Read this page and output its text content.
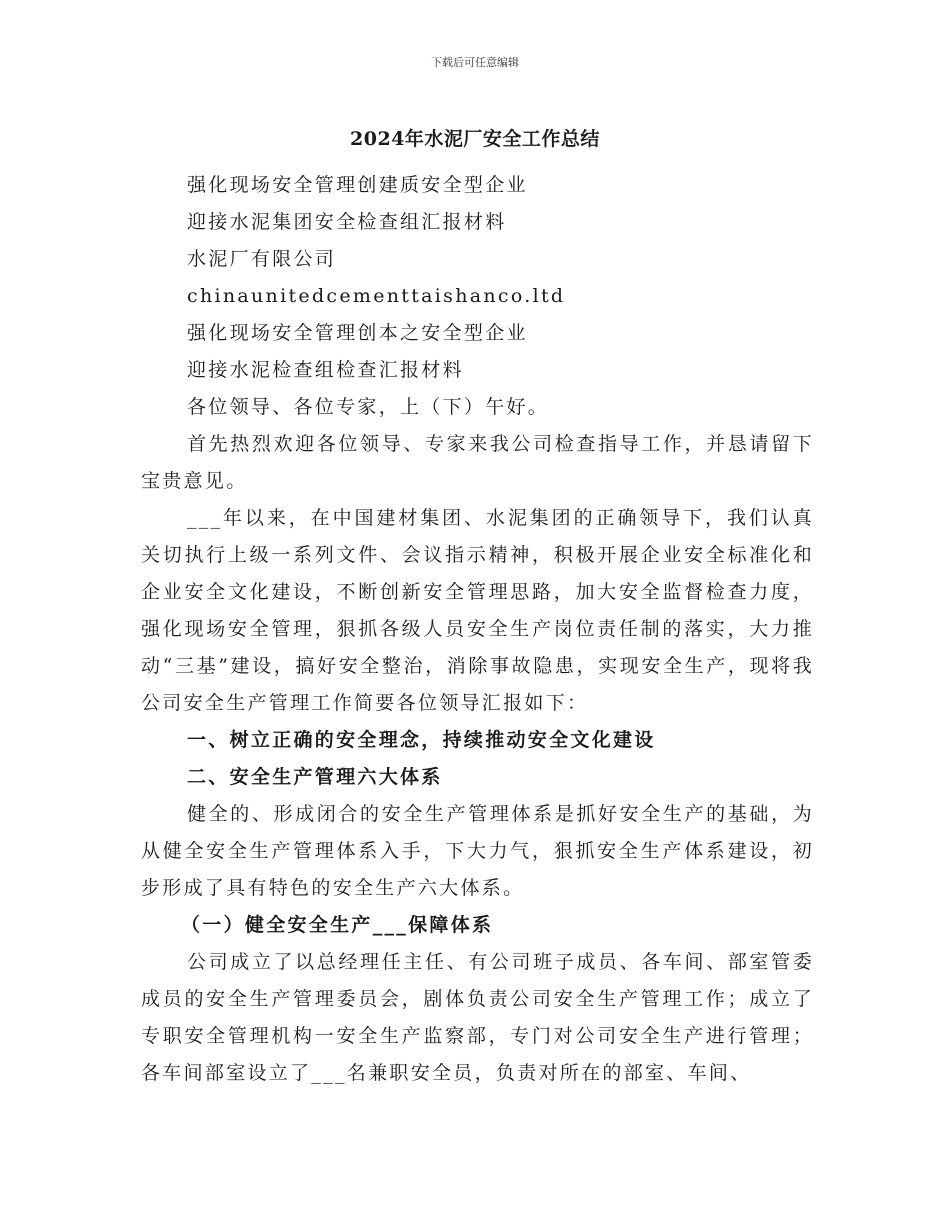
下载后可任意编辑
2024年水泥厂安全工作总结

强化现场安全管理创建质安全型企业

迎接水泥集团安全检查组汇报材料

水泥厂有限公司

chinaunitedcementtaishanco.ltd

强化现场安全管理创本之安全型企业

迎接水泥检查组检查汇报材料

各位领导、各位专家，上（下）午好。

首先热烈欢迎各位领导、专家来我公司检查指导工作，并恳请留下宝贵意见。

___年以来，在中国建材集团、水泥集团的正确领导下，我们认真关切执行上级一系列文件、会议指示精神，积极开展企业安全标准化和企业安全文化建设，不断创新安全管理思路，加大安全监督检查力度，强化现场安全管理，狠抓各级人员安全生产岗位责任制的落实，大力推动“三基”建设，搞好安全整治，消除事故隐患，实现安全生产，现将我公司安全生产管理工作简要各位领导汇报如下：

一、树立正确的安全理念，持续推动安全文化建设

二、安全生产管理六大体系

健全的、形成闭合的安全生产管理体系是抓好安全生产的基础，为从健全安全生产管理体系入手，下大力气，狠抓安全生产体系建设，初步形成了具有特色的安全生产六大体系。

（一）健全安全生产___保障体系

公司成立了以总经理任主任、有公司班子成员、各车间、部室管委成员的安全生产管理委员会，剧体负责公司安全生产管理工作；成立了专职安全管理机构一安全生产监察部，专门对公司安全生产进行管理；各车间部室设立了___名兼职安全员，负责对所在的部室、车间、
